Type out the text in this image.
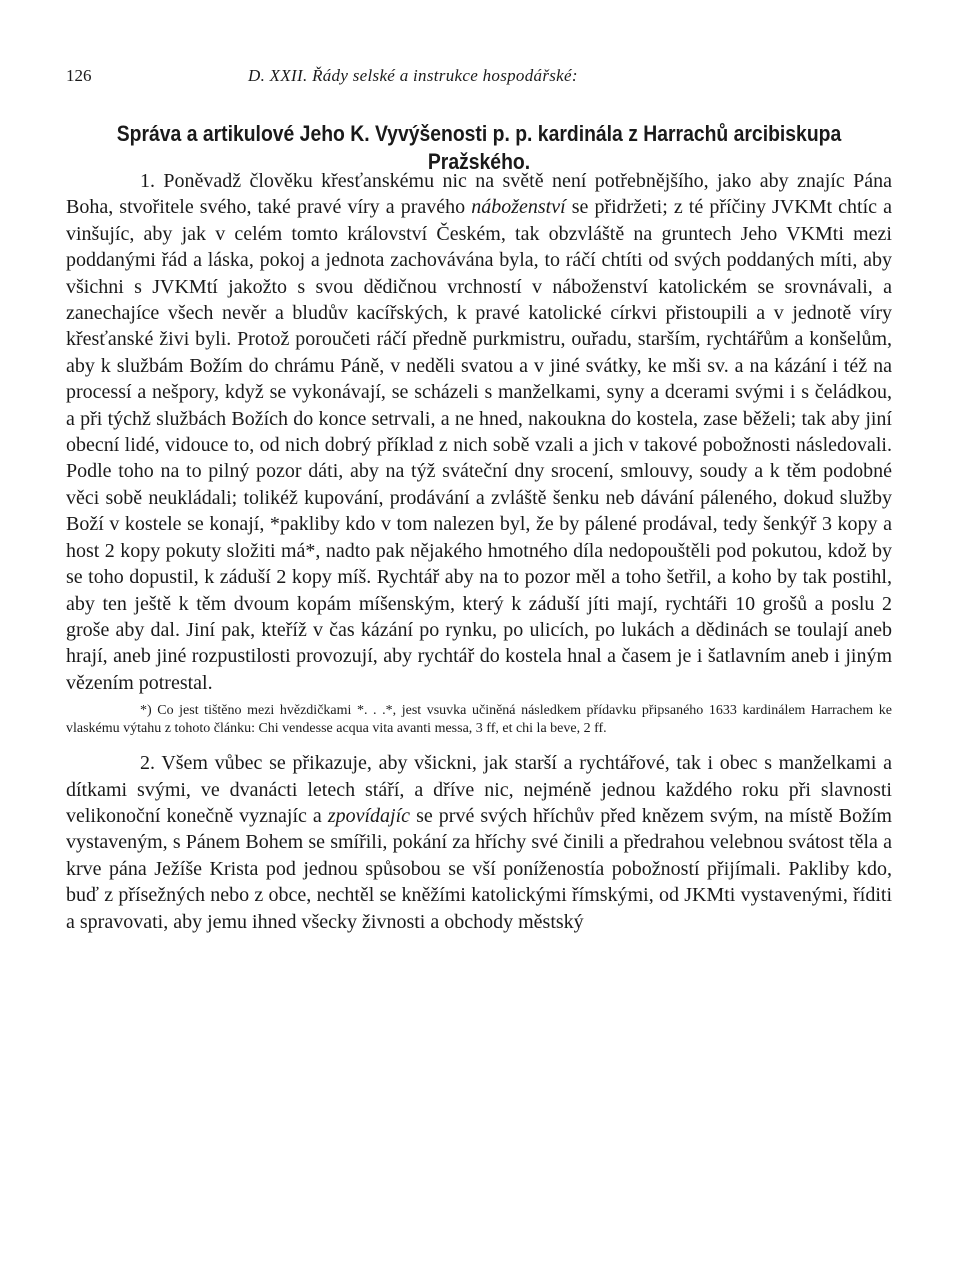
126	D. XXII. Řády selské a instrukce hospodářské:
Správa a artikulové Jeho K. Vyvýšenosti p. p. kardinála z Harrachů arcibiskupa Pražského.

1. Poněvadž člověku křesťanskému nic na světě není potřebnějšího, jako aby znajíc Pána Boha, stvořitele svého, také pravé víry a pravého náboženství se přidržeti; z té příčiny JVKMt chtíc a vinšujíc, aby jak v celém tomto království Českém, tak obzvláště na gruntech Jeho VKMti mezi poddanými řád a láska, pokoj a jednota zachovávána byla, to ráčí chtíti od svých poddaných míti, aby všichni s JVKMtí jakožto s svou dědičnou vrchností v náboženství katolickém se srovnávali, a zanechajíce všech nevěr a bludův kacířských, k pravé katolické církvi přistoupili a v jednotě víry křesťanské živi byli. Protož poroučeti ráčí předně purkmistru, ouřadu, starším, rychtářům a konšelům, aby k službám Božím do chrámu Páně, v neděli svatou a v jiné svátky, ke mši sv. a na kázání i též na processí a nešpory, když se vykonávají, se scházeli s manželkami, syny a dcerami svými i s čeládkou, a při týchž službách Božích do konce setrvali, a ne hned, nakoukna do kostela, zase běželi; tak aby jiní obecní lidé, vidouce to, od nich dobrý příklad z nich sobě vzali a jich v takové pobožnosti následovali. Podle toho na to pilný pozor dáti, aby na týž sváteční dny srocení, smlouvy, soudy a k těm podobné věci sobě neukládali; tolikéž kupování, prodávání a zvláště šenku neb dávání páleného, dokud služby Boží v kostele se konají, *pakliby kdo v tom nalezen byl, že by pálené prodával, tedy šenkýř 3 kopy a host 2 kopy pokuty složiti má*, nadto pak nějakého hmotného díla nedopouštěli pod pokutou, kdož by se toho dopustil, k záduší 2 kopy míš. Rychtář aby na to pozor měl a toho šetřil, a koho by tak postihl, aby ten ještě k těm dvoum kopám míšenským, který k záduší jíti mají, rychtáři 10 grošů a poslu 2 groše aby dal. Jiní pak, kteříž v čas kázání po rynku, po ulicích, po lukách a dědinách se toulají aneb hrají, aneb jiné rozpustilosti provozují, aby rychtář do kostela hnal a časem je i šatlavním aneb i jiným vězením potrestal.

*) Co jest tištěno mezi hvězdičkami *. . .*, jest vsuvka učiněná následkem přídavku připsaného 1633 kardinálem Harrachem ke vlaskému výtahu z tohoto článku: Chi vendesse acqua vita avanti messa, 3 ff, et chi la beve, 2 ff.

2. Všem vůbec se přikazuje, aby všickni, jak starší a rychtářové, tak i obec s manželkami a dítkami svými, ve dvanácti letech stáří, a dříve nic, nejméně jednou každého roku při slavnosti velikonoční konečně vyznajíc a zpovídajíc se prvé svých hříchův před knězem svým, na místě Božím vystaveným, s Pánem Bohem se smířili, pokání za hříchy své činili a předrahou velebnou svátost těla a krve pána Ježíše Krista pod jednou spůsobou se vší poníženostía pobožností přijímali. Pakliby kdo, buď z přísežných nebo z obce, nechtěl se kněžími katolickými římskými, od JKMti vystavenými, říditi a spravovati, aby jemu ihned všecky živnosti a obchody městský
